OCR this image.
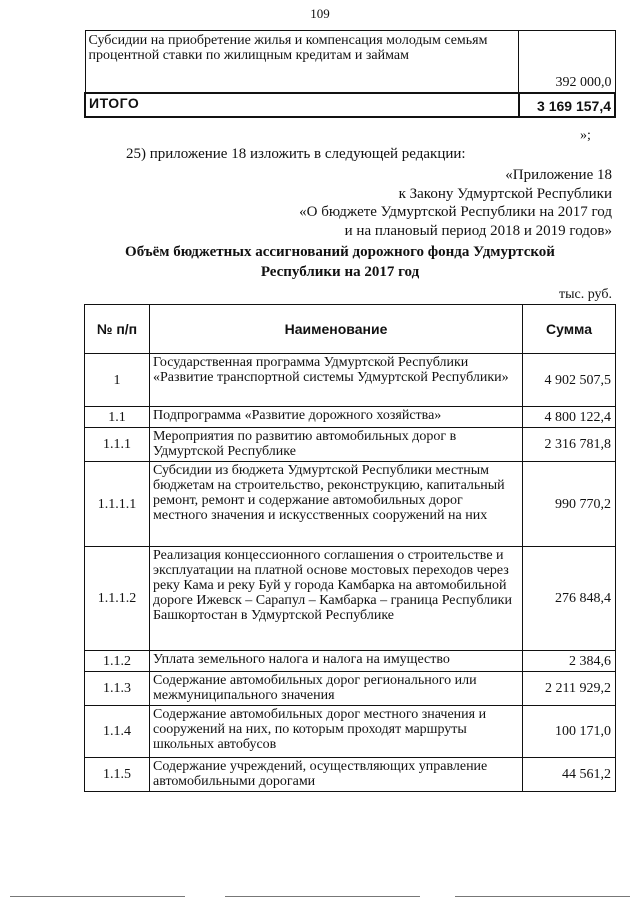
109
Субсидии на приобретение жилья и компенсация молодым семьям процентной ставки по жилищным кредитам и займам	392 000,0
ИТОГО	3 169 157,4
»;
25) приложение 18 изложить в следующей редакции:
«Приложение 18
к Закону Удмуртской Республики
«О бюджете Удмуртской Республики на 2017 год
и на плановый период 2018 и 2019 годов»
Объём бюджетных ассигнований дорожного фонда Удмуртской
Республики на 2017 год
тыс. руб.
№ п/п	Наименование	Сумма
1	Государственная программа Удмуртской Республики «Развитие транспортной системы Удмуртской Республики»	4 902 507,5
1.1	Подпрограмма «Развитие дорожного хозяйства»	4 800 122,4
1.1.1	Мероприятия по развитию автомобильных дорог в Удмуртской Республике	2 316 781,8
1.1.1.1	Субсидии из бюджета Удмуртской Республики местным бюджетам на строительство, реконструкцию, капитальный ремонт, ремонт и содержание автомобильных дорог местного значения и искусственных сооружений на них	990 770,2
1.1.1.2	Реализация концессионного соглашения о строительстве и эксплуатации на платной основе мостовых переходов через реку Кама и реку Буй у города Камбарка на автомобильной дороге Ижевск – Сарапул – Камбарка – граница Республики Башкортостан в Удмуртской Республике	276 848,4
1.1.2	Уплата земельного налога и налога на имущество	2 384,6
1.1.3	Содержание автомобильных дорог регионального или межмуниципального значения	2 211 929,2
1.1.4	Содержание автомобильных дорог местного значения и сооружений на них, по которым проходят маршруты школьных автобусов	100 171,0
1.1.5	Содержание учреждений, осуществляющих управление автомобильными дорогами	44 561,2
